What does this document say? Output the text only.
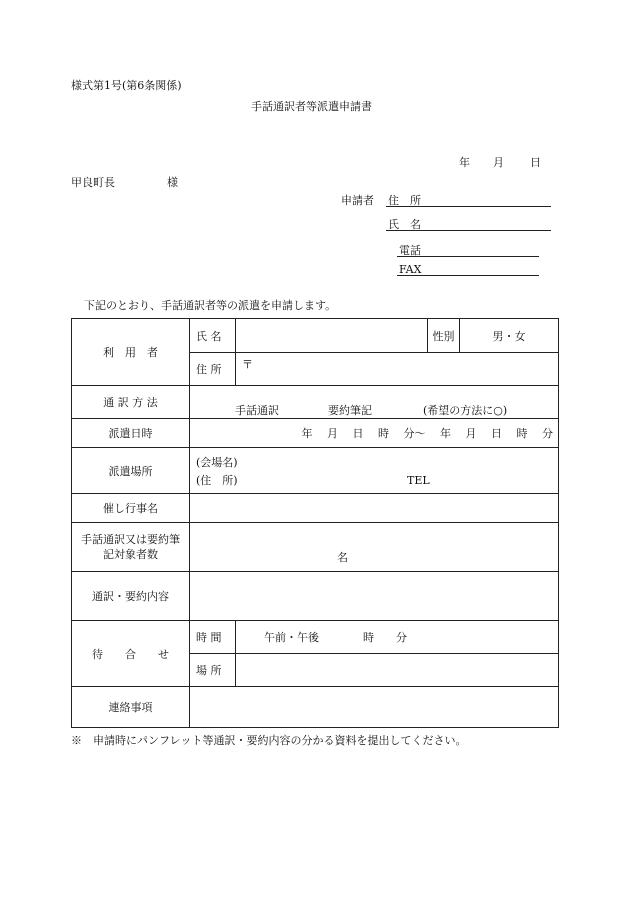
様式第1号(第6条関係)
手話通訳者等派遣申請書
年 月 日
甲良町長	様
申請者 住　所
氏　名
電話
FAX
下記のとおり、手話通訳者等の派遣を申請します。
利　用　者	氏 名		性別	男・女
	住 所	〒		
通 訳 方 法	手話通訳 要約筆記 (希望の方法に○)			

派遣日時	年　 月　 日　 時　 分～　 年　 月　 日　 時　 分			
派遣場所	(会場名)
(住　所) TEL			

催し行事名				

手話通訳又は要約筆
記対象者数	名			

通訳・要約内容				
待　　合　　せ	時 間	午前・午後　　　　時　　分		
	場 所			
連絡事項				
※　申請時にパンフレット等通訳・要約内容の分かる資料を提出してください。
